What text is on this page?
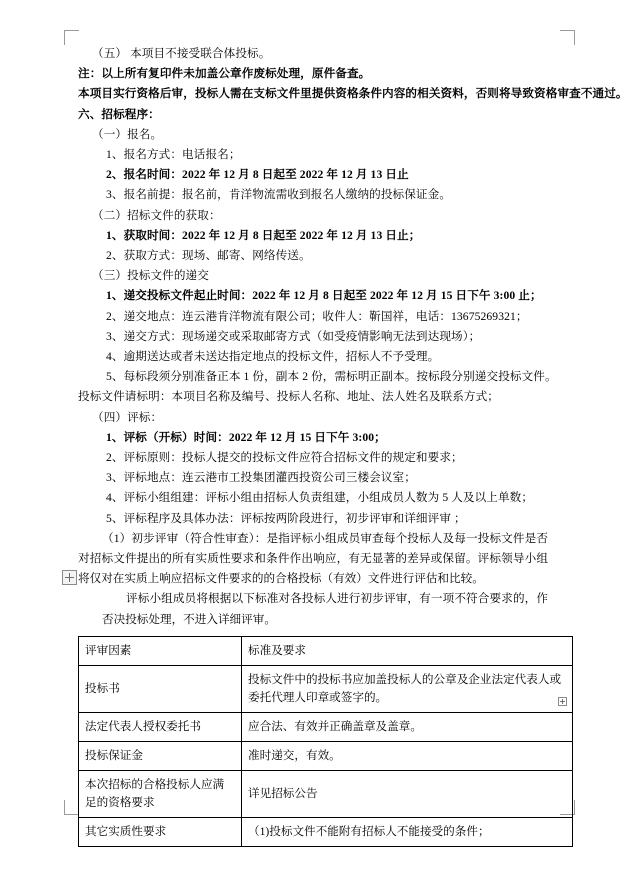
（五） 本项目不接受联合体投标。
注：以上所有复印件未加盖公章作废标处理，原件备查。
本项目实行资格后审，投标人需在支标文件里提供资格条件内容的相关资料，否则将导致资格审查不通过。
六、招标程序：
（一）报名。
1、报名方式：电话报名；
2、报名时间：2022 年 12 月 8 日起至 2022 年 12 月 13 日止
3、报名前提：报名前，肯洋物流需收到报名人缴纳的投标保证金。
（二）招标文件的获取：
1、获取时间：2022 年 12 月 8 日起至 2022 年 12 月 13 日止；
2、获取方式：现场、邮寄、网络传送。
（三）投标文件的递交
1、递交投标文件起止时间：2022 年 12 月 8 日起至 2022 年 12 月 15 日下午 3:00 止；
2、递交地点：连云港肯洋物流有限公司；收件人：靳国祥，电话：13675269321；
3、递交方式：现场递交或采取邮寄方式（如受疫情影响无法到达现场）；
4、逾期送达或者未送达指定地点的投标文件，招标人不予受理。
5、每标段须分别准备正本 1 份，副本 2 份，需标明正副本。按标段分别递交投标文件。
投标文件请标明：本项目名称及编号、投标人名称、地址、法人姓名及联系方式；
（四）评标：
1、评标（开标）时间：2022 年 12 月 15 日下午 3:00；
2、评标原则：投标人提交的投标文件应符合招标文件的规定和要求；
3、评标地点：连云港市工投集团灌西投资公司三楼会议室；
4、评标小组组建：评标小组由招标人负责组建，小组成员人数为 5 人及以上单数；
5、评标程序及具体办法：评标按两阶段进行，初步评审和详细评审 ；
（1）初步评审（符合性审查）：是指评标小组成员审查每个投标人及每一投标文件是否对招标文件提出的所有实质性要求和条件作出响应，有无显著的差异或保留。评标领导小组将仅对在实质上响应招标文件要求的的合格投标（有效）文件进行评估和比较。
评标小组成员将根据以下标准对各投标人进行初步评审，有一项不符合要求的，作否决投标处理，不进入详细评审。
评审因素	标准及要求
投标书	投标文件中的投标书应加盖投标人的公章及企业法定代表人或委托代理人印章或签字的。
法定代表人授权委托书	应合法、有效并正确盖章及盖章。
投标保证金	准时递交，有效。
本次招标的合格投标人应满足的资格要求	详见招标公告
其它实质性要求	（1)投标文件不能附有招标人不能接受的条件；
